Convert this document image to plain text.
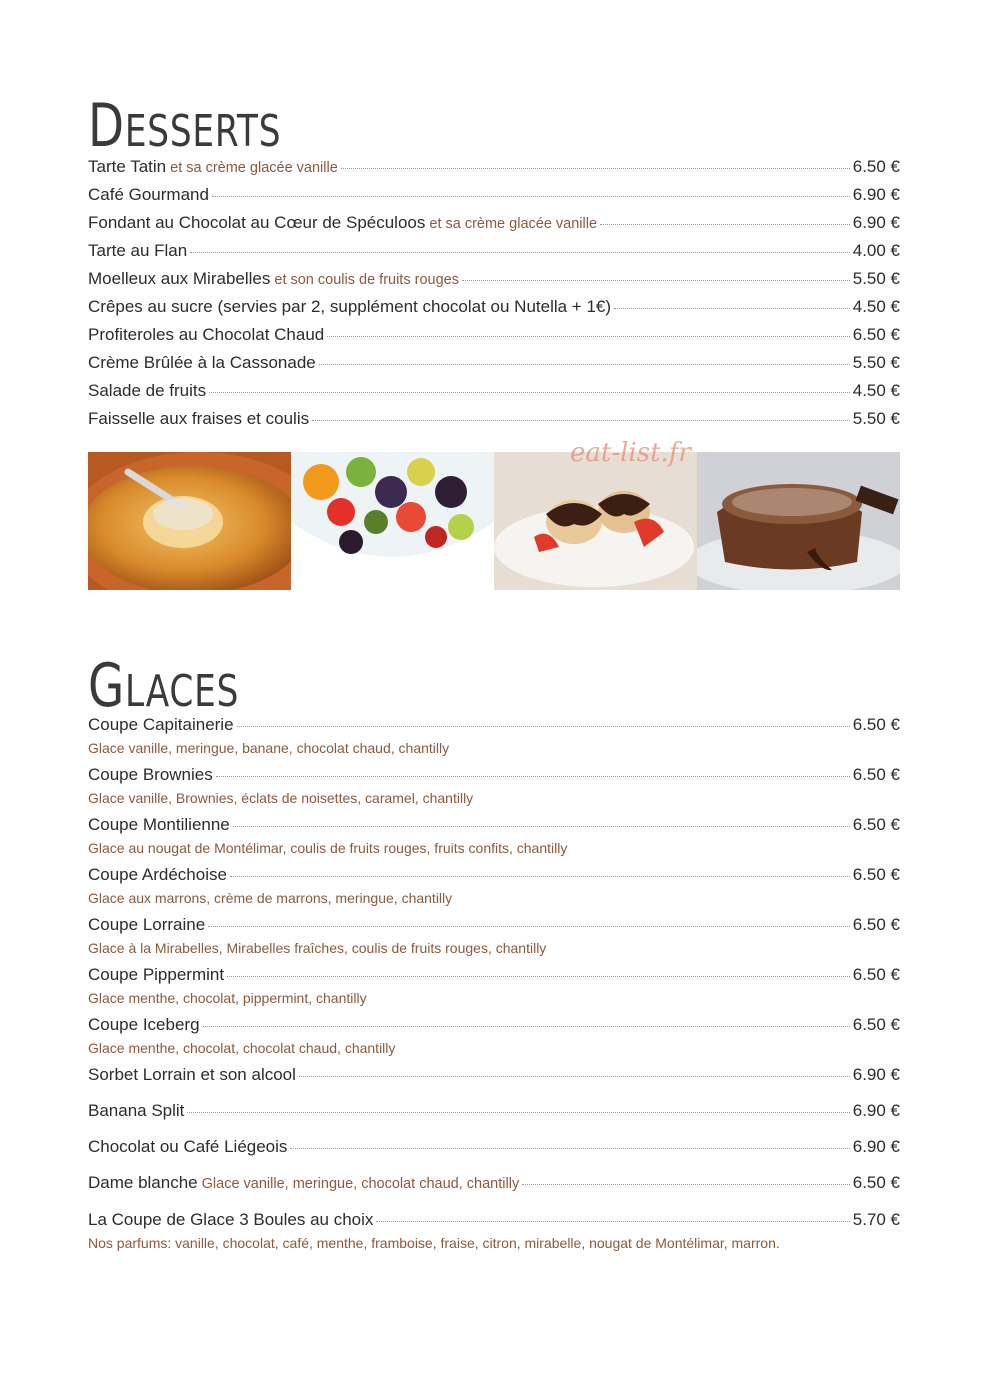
DESSERTS
Tarte Tatin et sa crème glacée vanille	6.50 €
Café Gourmand	6.90 €
Fondant au Chocolat au Cœur de Spéculoos et sa crème glacée vanille	6.90 €
Tarte au Flan	4.00 €
Moelleux aux Mirabelles et son coulis de fruits rouges	5.50 €
Crêpes au sucre (servies par 2, supplément chocolat ou Nutella + 1€)	4.50 €
Profiteroles au Chocolat Chaud	6.50 €
Crème Brûlée à la Cassonade	5.50 €
Salade de fruits	4.50 €
Faisselle aux fraises et coulis	5.50 €
eat-list.fr
GLACES
Coupe Capitainerie	6.50 €
Glace vanille, meringue, banane, chocolat chaud, chantilly
Coupe Brownies	6.50 €
Glace vanille, Brownies, éclats de noisettes, caramel, chantilly
Coupe Montilienne	6.50 €
Glace au nougat de Montélimar, coulis de fruits rouges, fruits confits, chantilly
Coupe Ardéchoise	6.50 €
Glace aux marrons, crème de marrons, meringue, chantilly
Coupe Lorraine	6.50 €
Glace à la Mirabelles, Mirabelles fraîches, coulis de fruits rouges, chantilly
Coupe Pippermint	6.50 €
Glace menthe, chocolat, pippermint, chantilly
Coupe Iceberg	6.50 €
Glace menthe, chocolat, chocolat chaud, chantilly
Sorbet Lorrain et son alcool	6.90 €
Banana Split	6.90 €
Chocolat ou Café Liégeois	6.90 €
Dame blanche Glace vanille, meringue, chocolat chaud, chantilly	6.50 €
La Coupe de Glace 3 Boules au choix	5.70 €
Nos parfums: vanille, chocolat, café, menthe, framboise, fraise, citron, mirabelle, nougat de Montélimar, marron.
